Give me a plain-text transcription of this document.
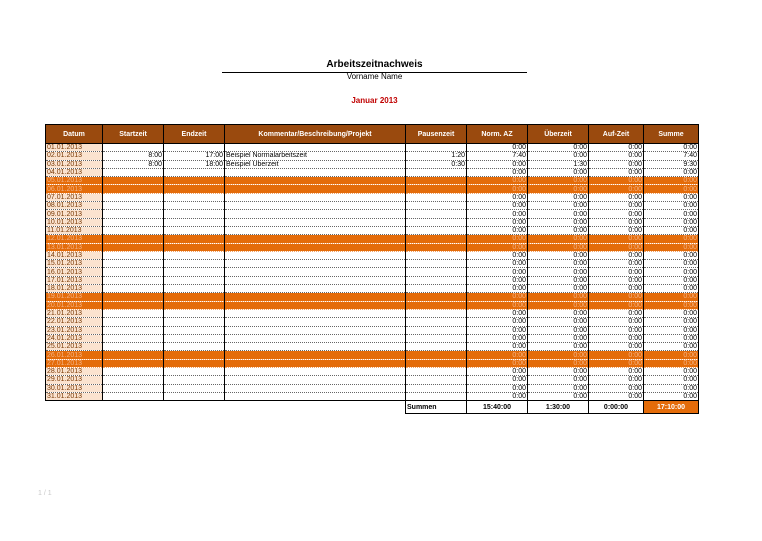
Arbeitszeitnachweis
Vorname Name
Januar 2013
Datum	Startzeit	Endzeit	Kommentar/Beschreibung/Projekt	Pausenzeit	Norm. AZ	Überzeit	Auf-Zeit	Summe
01.01.2013					0:00	0:00	0:00	0:00
02.01.2013	8:00	17:00	Beispiel Normalarbeitszeit	1:20	7:40	0:00	0:00	7:40
03.01.2013	8:00	18:00	Beispiel Überzeit	0:30	0:00	1:30	0:00	9:30
04.01.2013					0:00	0:00	0:00	0:00
05.01.2013					0:00	0:00	0:00	0:00
06.01.2013					0:00	0:00	0:00	0:00
07.01.2013					0:00	0:00	0:00	0:00
08.01.2013					0:00	0:00	0:00	0:00
09.01.2013					0:00	0:00	0:00	0:00
10.01.2013					0:00	0:00	0:00	0:00
11.01.2013					0:00	0:00	0:00	0:00
12.01.2013					0:00	0:00	0:00	0:00
13.01.2013					0:00	0:00	0:00	0:00
14.01.2013					0:00	0:00	0:00	0:00
15.01.2013					0:00	0:00	0:00	0:00
16.01.2013					0:00	0:00	0:00	0:00
17.01.2013					0:00	0:00	0:00	0:00
18.01.2013					0:00	0:00	0:00	0:00
19.01.2013					0:00	0:00	0:00	0:00
20.01.2013					0:00	0:00	0:00	0:00
21.01.2013					0:00	0:00	0:00	0:00
22.01.2013					0:00	0:00	0:00	0:00
23.01.2013					0:00	0:00	0:00	0:00
24.01.2013					0:00	0:00	0:00	0:00
25.01.2013					0:00	0:00	0:00	0:00
26.01.2013					0:00	0:00	0:00	0:00
27.01.2013					0:00	0:00	0:00	0:00
28.01.2013					0:00	0:00	0:00	0:00
29.01.2013					0:00	0:00	0:00	0:00
30.01.2013					0:00	0:00	0:00	0:00
31.01.2013					0:00	0:00	0:00	0:00
				Summen	15:40:00	1:30:00	0:00:00	17:10:00
1 / 1
